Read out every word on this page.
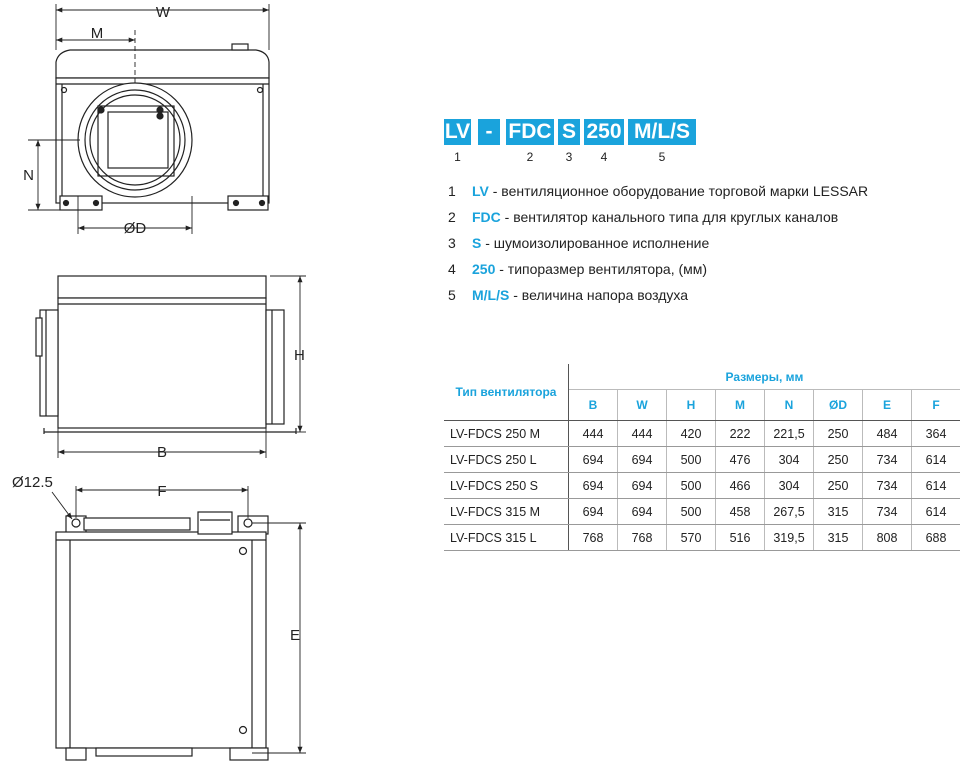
W
M
N
ØD
H
B
Ø12.5
F
E
LV
1
- FDC
2
S
3
250
4
M/L/S
5
1 LV - вентиляционное оборудование торговой марки LESSAR
2 FDC - вентилятор канального типа для круглых каналов
3 S - шумоизолированное исполнение
4 250 - типоразмер вентилятора, (мм)
5 M/L/S - величина напора воздуха
Тип вентилятора	Размеры, мм							
	B	W	H	M	N	ØD	E	F
LV-FDCS 250 M	444	444	420	222	221,5	250	484	364
LV-FDCS 250 L	694	694	500	476	304	250	734	614
LV-FDCS 250 S	694	694	500	466	304	250	734	614
LV-FDCS 315 M	694	694	500	458	267,5	315	734	614
LV-FDCS 315 L	768	768	570	516	319,5	315	808	688
